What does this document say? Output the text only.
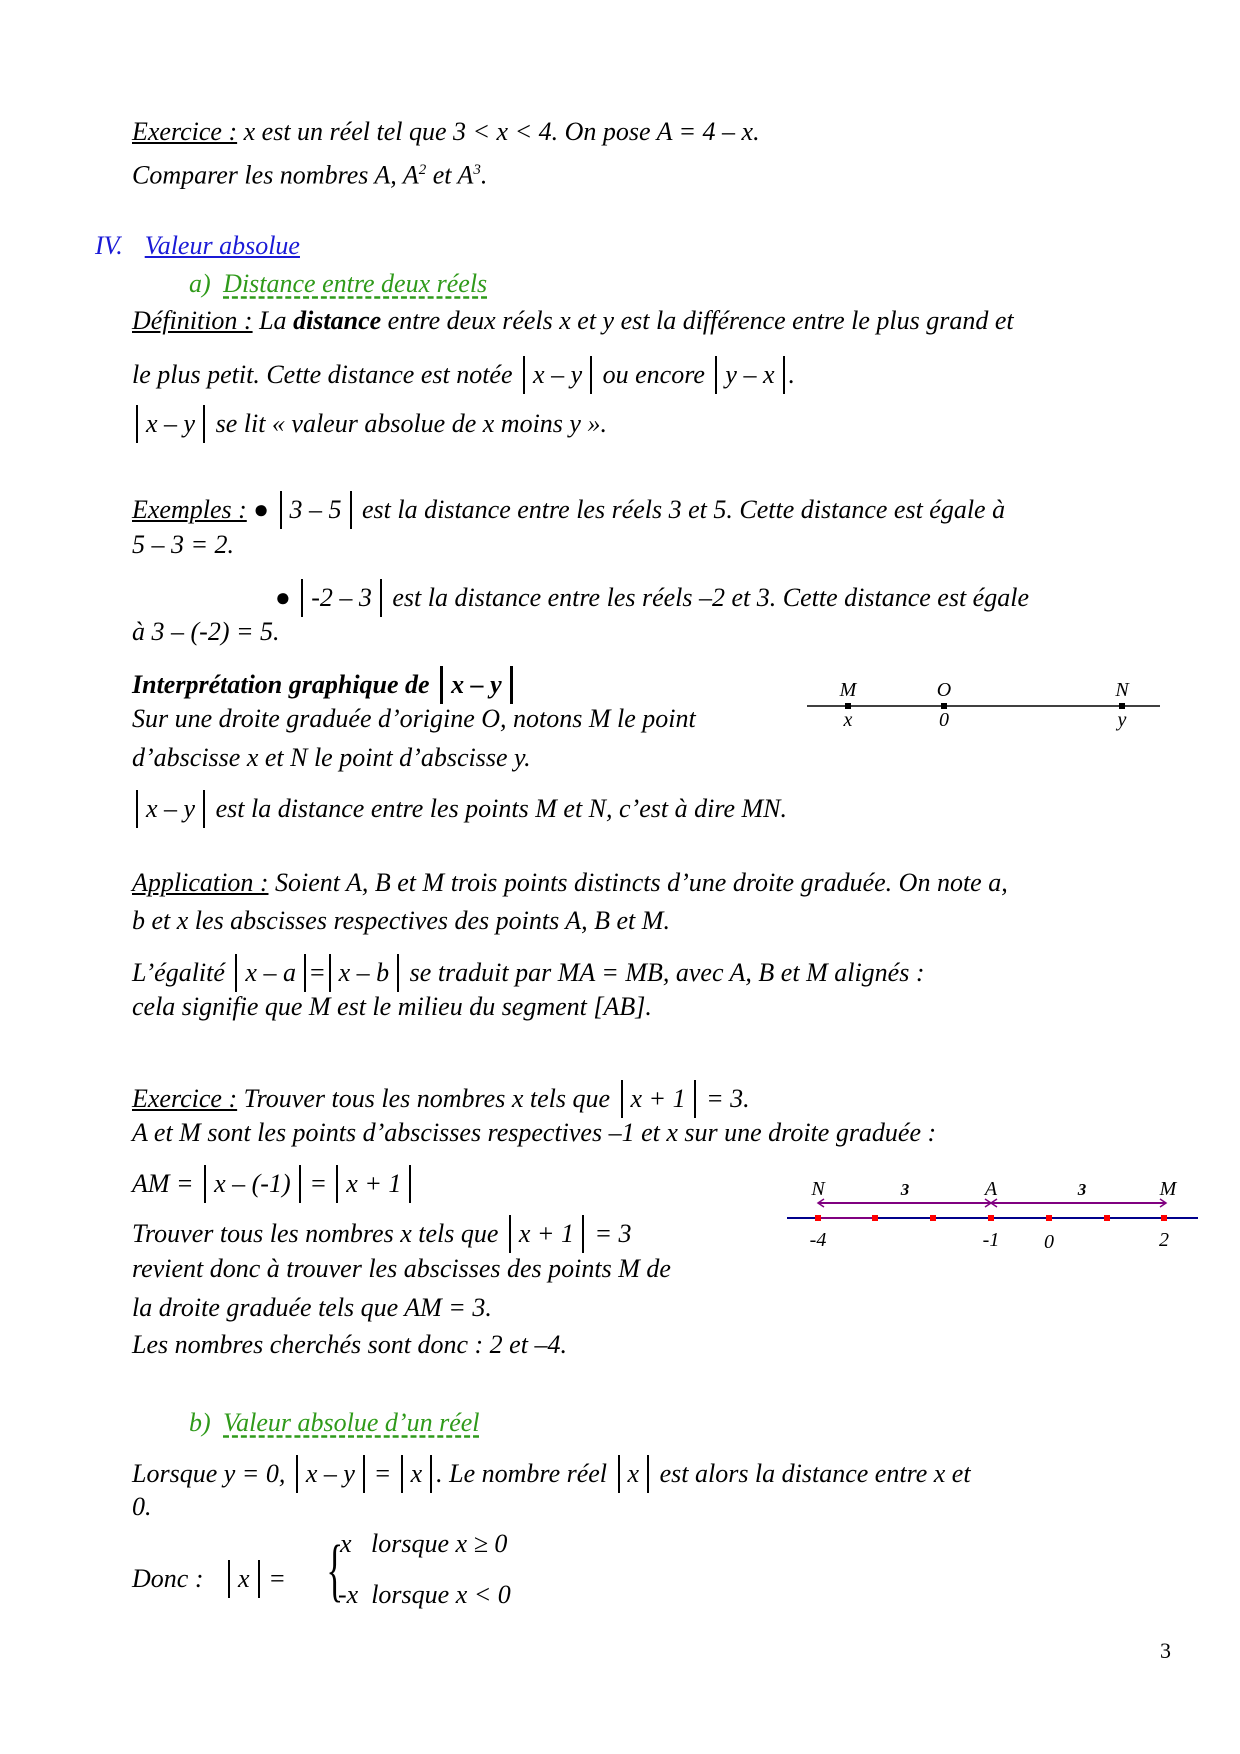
Exercice : x est un réel tel que 3 < x < 4. On pose A = 4 – x.
Comparer les nombres A, $A^2$ et $A^3$.
IV. Valeur absolue
a) Distance entre deux réels
Définition : La distance entre deux réels x et y est la différence entre le plus grand et
le plus petit. Cette distance est notée x – y ou encore y – x .
x – y se lit « valeur absolue de x moins y ».
Exemples : ● 3 – 5 est la distance entre les réels 3 et 5. Cette distance est égale à
5 – 3 = 2.
● -2 – 3 est la distance entre les réels –2 et 3. Cette distance est égale
à 3 – (-2) = 5.
Interprétation graphique de x – y
Sur une droite graduée d’origine O, notons M le point
d’abscisse x et N le point d’abscisse y.
x – y est la distance entre les points M et N, c’est à dire MN.
M	O	N
x	0	y
Application : Soient A, B et M trois points distincts d’une droite graduée. On note a,
b et x les abscisses respectives des points A, B et M.
L’égalité x – a = x – b se traduit par MA = MB, avec A, B et M alignés :
cela signifie que M est le milieu du segment [AB].
Exercice : Trouver tous les nombres x tels que x + 1 = 3.
A et M sont les points d’abscisses respectives –1 et x sur une droite graduée :
AM = x – (-1) = x + 1
Trouver tous les nombres x tels que x + 1 = 3
revient donc à trouver les abscisses des points M de
la droite graduée tels que AM = 3.
Les nombres cherchés sont donc : 2 et –4.
N	3	A	3	M
-4	-1 0	2
b) Valeur absolue d’un réel
Lorsque y = 0, x – y = x . Le nombre réel x est alors la distance entre x et
0.
Donc : x = {
x   lorsque x ≥ 0
-x  lorsque x < 0
3
